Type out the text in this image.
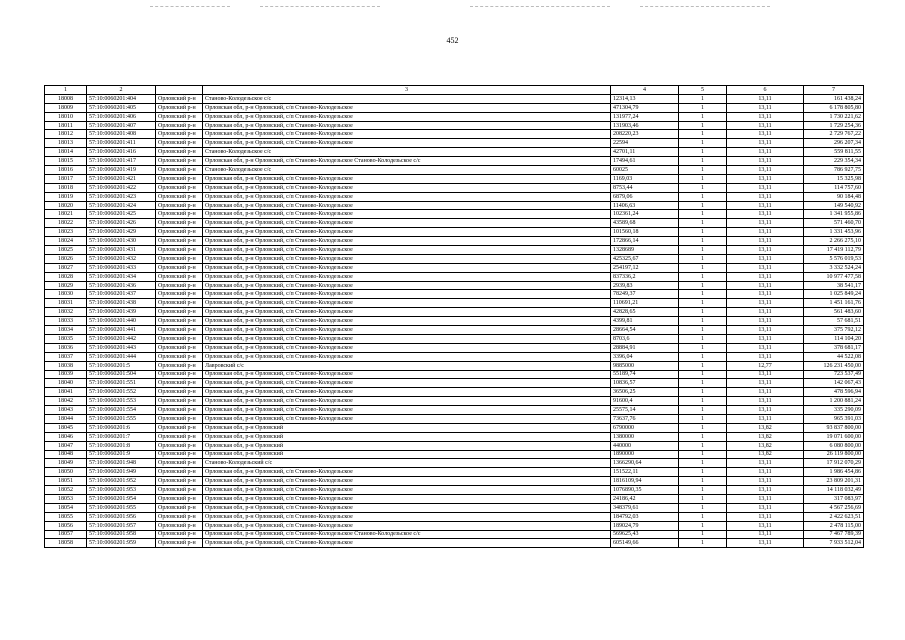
452
1	2		3	4	5	6	7
18008	57:10:0060201:404	Орловский р-н	Станово-Колодезьское с/с	12314,13	1	13,11	161 438,24
18009	57:10:0060201:405	Орловский р-н	Орловская обл, р-н Орловский, с/п Станово-Колодезьское	471304,79	1	13,11	6 178 805,80
18010	57:10:0060201:406	Орловский р-н	Орловская обл, р-н Орловский, с/п Станово-Колодезьское	131977,24	1	13,11	1 730 221,62
18011	57:10:0060201:407	Орловский р-н	Орловская обл, р-н Орловский, с/п Станово-Колодезьское	131903,46	1	13,11	1 729 254,36
18012	57:10:0060201:408	Орловский р-н	Орловская обл, р-н Орловский, с/п Станово-Колодезьское	208220,23	1	13,11	2 729 767,22
18013	57:10:0060201:411	Орловский р-н	Орловская обл, р-н Орловский, с/п Станово-Колодезьское	22594	1	13,11	296 207,34
18014	57:10:0060201:416	Орловский р-н	Станово-Колодезьское с/с	42701,11	1	13,11	559 811,55
18015	57:10:0060201:417	Орловский р-н	Орловская обл, р-н Орловский, с/п Станово-Колодезьское Станово-Колодезьское с/с	17494,61	1	13,11	229 354,34
18016	57:10:0060201:419	Орловский р-н	Станово-Колодезьское с/с	60025	1	13,11	786 927,75
18017	57:10:0060201:421	Орловский р-н	Орловская обл, р-н Орловский, с/п Станово-Колодезьское	1169,03	1	13,11	15 325,98
18018	57:10:0060201:422	Орловский р-н	Орловская обл, р-н Орловский, с/п Станово-Колодезьское	8753,44	1	13,11	114 757,60
18019	57:10:0060201:423	Орловский р-н	Орловская обл, р-н Орловский, с/п Станово-Колодезьское	6879,06	1	13,11	90 184,48
18020	57:10:0060201:424	Орловский р-н	Орловская обл, р-н Орловский, с/п Станово-Колодезьское	11406,63	1	13,11	149 540,92
18021	57:10:0060201:425	Орловский р-н	Орловская обл, р-н Орловский, с/п Станово-Колодезьское	102361,24	1	13,11	1 341 955,86
18022	57:10:0060201:426	Орловский р-н	Орловская обл, р-н Орловский, с/п Станово-Колодезьское	43589,68	1	13,11	571 460,70
18023	57:10:0060201:429	Орловский р-н	Орловская обл, р-н Орловский, с/п Станово-Колодезьское	101560,18	1	13,11	1 331 453,96
18024	57:10:0060201:430	Орловский р-н	Орловская обл, р-н Орловский, с/п Станово-Колодезьское	172866,14	1	13,11	2 266 275,10
18025	57:10:0060201:431	Орловский р-н	Орловская обл, р-н Орловский, с/п Станово-Колодезьское	1328689	1	13,11	17 419 112,79
18026	57:10:0060201:432	Орловский р-н	Орловская обл, р-н Орловский, с/п Станово-Колодезьское	425325,67	1	13,11	5 576 019,53
18027	57:10:0060201:433	Орловский р-н	Орловская обл, р-н Орловский, с/п Станово-Колодезьское	254197,12	1	13,11	3 332 524,24
18028	57:10:0060201:434	Орловский р-н	Орловская обл, р-н Орловский, с/п Станово-Колодезьское	837336,2	1	13,11	10 977 477,58
18029	57:10:0060201:436	Орловский р-н	Орловская обл, р-н Орловский, с/п Станово-Колодезьское	2939,83	1	13,11	38 541,17
18030	57:10:0060201:437	Орловский р-н	Орловская обл, р-н Орловский, с/п Станово-Колодезьское	78249,37	1	13,11	1 025 849,24
18031	57:10:0060201:438	Орловский р-н	Орловская обл, р-н Орловский, с/п Станово-Колодезьское	110691,21	1	13,11	1 451 161,76
18032	57:10:0060201:439	Орловский р-н	Орловская обл, р-н Орловский, с/п Станово-Колодезьское	42828,65	1	13,11	561 483,60
18033	57:10:0060201:440	Орловский р-н	Орловская обл, р-н Орловский, с/п Станово-Колодезьское	4399,81	1	13,11	57 681,51
18034	57:10:0060201:441	Орловский р-н	Орловская обл, р-н Орловский, с/п Станово-Колодезьское	28664,54	1	13,11	375 792,12
18035	57:10:0060201:442	Орловский р-н	Орловская обл, р-н Орловский, с/п Станово-Колодезьское	8703,6	1	13,11	114 104,20
18036	57:10:0060201:443	Орловский р-н	Орловская обл, р-н Орловский, с/п Станово-Колодезьское	28884,91	1	13,11	378 681,17
18037	57:10:0060201:444	Орловский р-н	Орловская обл, р-н Орловский, с/п Станово-Колодезьское	3396,04	1	13,11	44 522,08
18038	57:10:0060201:5	Орловский р-н	Лавровский с/с	9885000	1	12,77	126 231 450,00
18039	57:10:0060201:504	Орловский р-н	Орловская обл, р-н Орловский, с/п Станово-Колодезьское	55189,74	1	13,11	723 537,49
18040	57:10:0060201:551	Орловский р-н	Орловская обл, р-н Орловский, с/п Станово-Колодезьское	10836,57	1	13,11	142 067,43
18041	57:10:0060201:552	Орловский р-н	Орловская обл, р-н Орловский, с/п Станово-Колодезьское	36506,25	1	13,11	478 596,94
18042	57:10:0060201:553	Орловский р-н	Орловская обл, р-н Орловский, с/п Станово-Колодезьское	91600,4	1	13,11	1 200 881,24
18043	57:10:0060201:554	Орловский р-н	Орловская обл, р-н Орловский, с/п Станово-Колодезьское	25575,14	1	13,11	335 290,09
18044	57:10:0060201:555	Орловский р-н	Орловская обл, р-н Орловский, с/п Станово-Колодезьское	73637,76	1	13,11	965 391,03
18045	57:10:0060201:6	Орловский р-н	Орловская обл, р-н Орловский	6790000	1	13,82	93 837 800,00
18046	57:10:0060201:7	Орловский р-н	Орловская обл, р-н Орловский	1380000	1	13,82	19 071 600,00
18047	57:10:0060201:8	Орловский р-н	Орловская обл, р-н Орловский	440000	1	13,82	6 080 800,00
18048	57:10:0060201:9	Орловский р-н	Орловская обл, р-н Орловский	1890000	1	13,82	26 119 800,00
18049	57:10:0060201:948	Орловский р-н	Станово-Колодезьский с/с	1366290,64	1	13,11	17 912 070,29
18050	57:10:0060201:949	Орловский р-н	Орловская обл, р-н Орловский, с/п Станово-Колодезьское	151522,11	1	13,11	1 986 454,86
18051	57:10:0060201:952	Орловский р-н	Орловская обл, р-н Орловский, с/п Станово-Колодезьское	1816109,94	1	13,11	23 809 201,31
18052	57:10:0060201:953	Орловский р-н	Орловская обл, р-н Орловский, с/п Станово-Колодезьское	1076890,35	1	13,11	14 118 032,49
18053	57:10:0060201:954	Орловский р-н	Орловская обл, р-н Орловский, с/п Станово-Колодезьское	24186,42	1	13,11	317 083,97
18054	57:10:0060201:955	Орловский р-н	Орловская обл, р-н Орловский, с/п Станово-Колодезьское	348379,61	1	13,11	4 567 256,69
18055	57:10:0060201:956	Орловский р-н	Орловская обл, р-н Орловский, с/п Станово-Колодезьское	184792,03	1	13,11	2 422 623,51
18056	57:10:0060201:957	Орловский р-н	Орловская обл, р-н Орловский, с/п Станово-Колодезьское	189024,79	1	13,11	2 478 115,00
18057	57:10:0060201:958	Орловский р-н	Орловская обл, р-н Орловский, с/п Станово-Колодезьское Станово-Колодезьское с/с	569625,43	1	13,11	7 467 789,39
18058	57:10:0060201:959	Орловский р-н	Орловская обл, р-н Орловский, с/п Станово-Колодезьское	605149,66	1	13,11	7 933 512,04
